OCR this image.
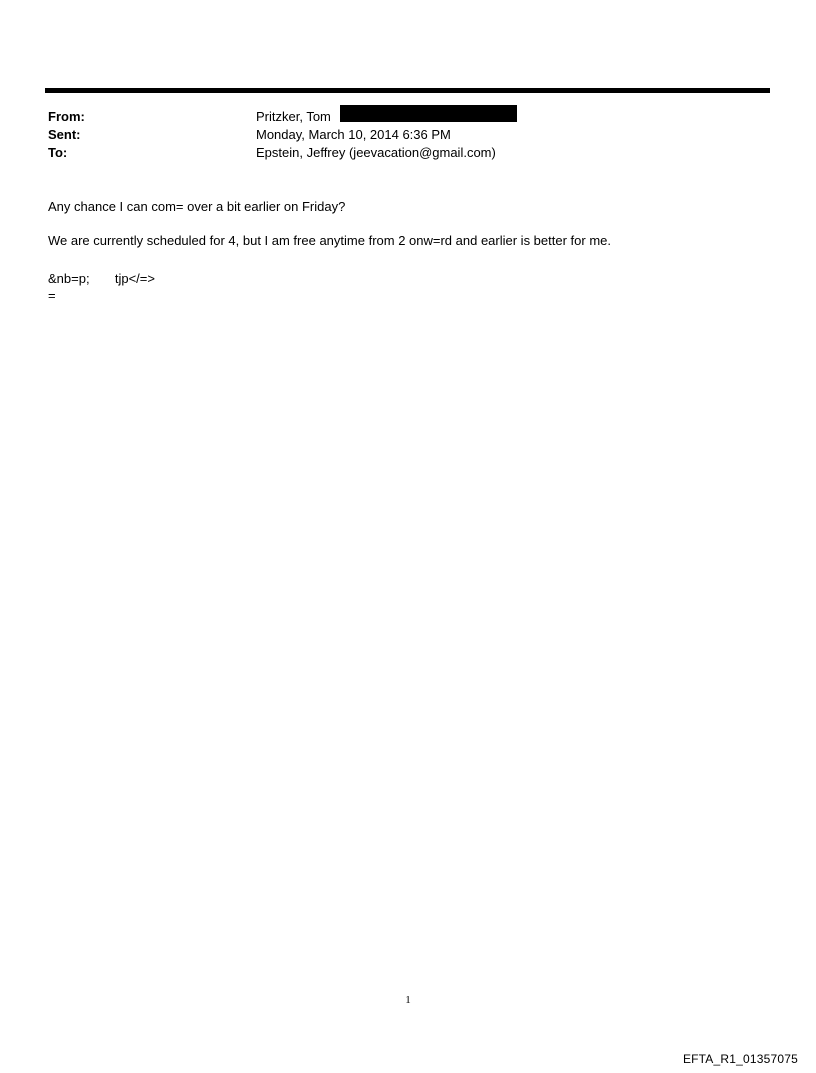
From:	Pritzker, Tom
Sent:	Monday, March 10, 2014 6:36 PM
To:	Epstein, Jeffrey (jeevacation@gmail.com)
Any chance I can com= over a bit earlier on Friday?
We are currently scheduled for 4, but I am free anytime from 2 onw=rd and earlier is better for me.
&nb=p;       tjp</=>
=
1
EFTA_R1_01357075
